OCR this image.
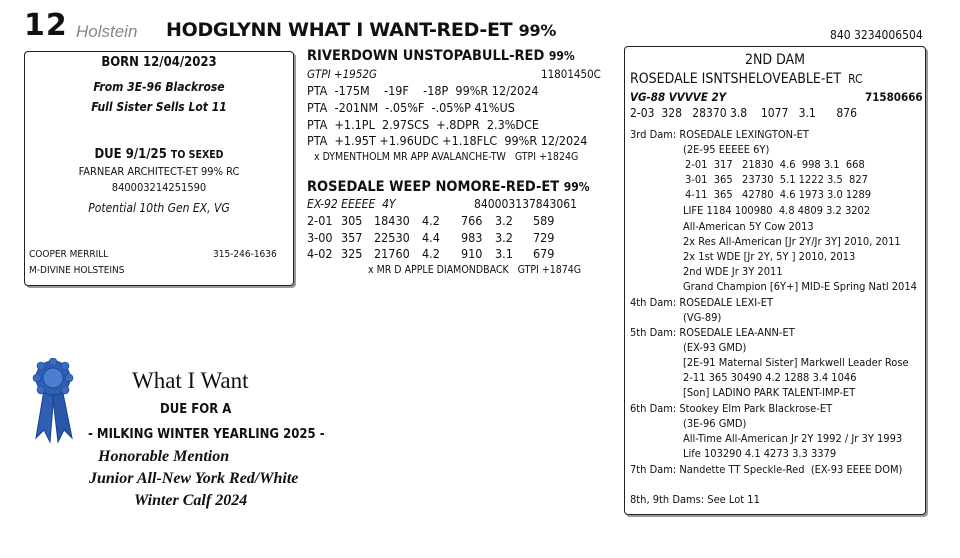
12 Holstein HODGLYNN WHAT I WANT-RED-ET 99%	840 3234006504
BORN 12/04/2023
From 3E-96 Blackrose
Full Sister Sells Lot 11
DUE 9/1/25 TO SEXED
FARNEAR ARCHITECT-ET 99% RC
840003214251590
Potential 10th Gen EX, VG
COOPER MERRILL	315-246-1636
M-DIVINE HOLSTEINS
RIVERDOWN UNSTOPABULL-RED 99%
GTPI +1952G	11801450C
PTA  -175M    -19F    -18P  99%R 12/2024
PTA  -201NM  -.05%F  -.05%P 41%US
PTA  +1.1PL  2.97SCS  +.8DPR  2.3%DCE
PTA  +1.95T +1.96UDC +1.18FLC  99%R 12/2024
x DYMENTHOLM MR APP AVALANCHE-TW   GTPI +1824G
ROSEDALE WEEP NOMORE-RED-ET 99%
EX-92 EEEEE  4Y	840003137843061
2-01 305 18430 4.2 766 3.2 589
3-00 357 22530 4.4 983 3.2 729
4-02 325 21760 4.2 910 3.1 679
x MR D APPLE DIAMONDBACK   GTPI +1874G
2ND DAM
ROSEDALE ISNTSHELOVEABLE-ET RC
VG-88 VVVVE 2Y	71580666
2-03  328   28370 3.8    1077   3.1      876
3rd Dam: ROSEDALE LEXINGTON-ET
(2E-95 EEEEE 6Y)
2-01  317   21830  4.6  998 3.1  668
3-01  365   23730  5.1 1222 3.5  827
4-11  365   42780  4.6 1973 3.0 1289
LIFE 1184 100980  4.8 4809 3.2 3202
All-American 5Y Cow 2013
2x Res All-American [Jr 2Y/Jr 3Y] 2010, 2011
2x 1st WDE [Jr 2Y, 5Y ] 2010, 2013
2nd WDE Jr 3Y 2011
Grand Champion [6Y+] MID-E Spring Natl 2014
4th Dam: ROSEDALE LEXI-ET
(VG-89)
5th Dam: ROSEDALE LEA-ANN-ET
(EX-93 GMD)
[2E-91 Maternal Sister] Markwell Leader Rose
2-11 365 30490 4.2 1288 3.4 1046
[Son] LADINO PARK TALENT-IMP-ET
6th Dam: Stookey Elm Park Blackrose-ET
(3E-96 GMD)
All-Time All-American Jr 2Y 1992 / Jr 3Y 1993
Life 103290 4.1 4273 3.3 3379
7th Dam: Nandette TT Speckle-Red  (EX-93 EEEE DOM)
8th, 9th Dams: See Lot 11
What I Want
DUE FOR A
- MILKING WINTER YEARLING 2025 -
Honorable Mention
Junior All-New York Red/White
Winter Calf 2024
